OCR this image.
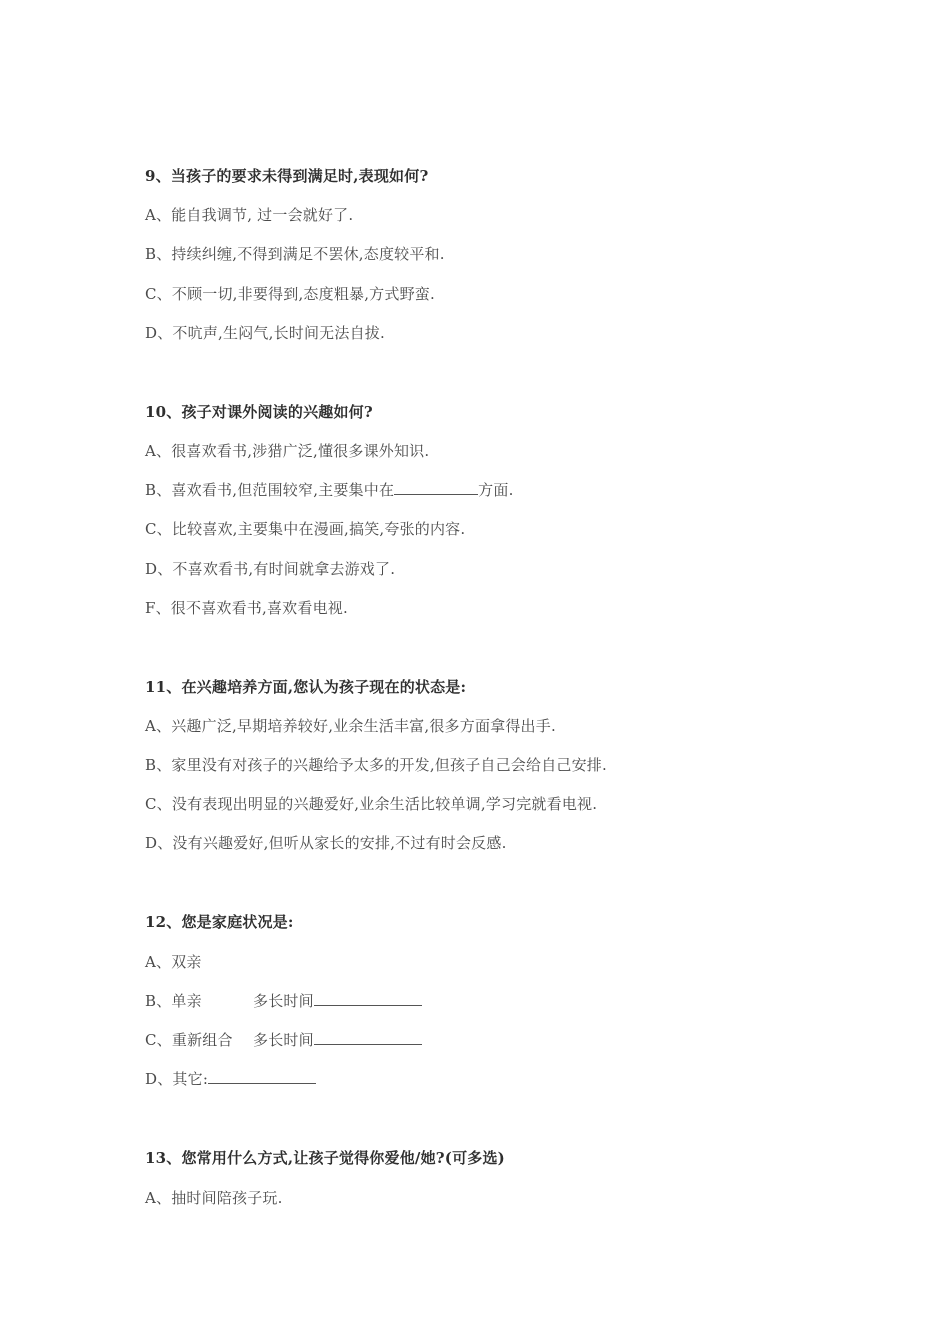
9、当孩子的要求未得到满足时,表现如何?
A、能自我调节, 过一会就好了.
B、持续纠缠,不得到满足不罢休,态度较平和.
C、不顾一切,非要得到,态度粗暴,方式野蛮.
D、不吭声,生闷气,长时间无法自拔.
10、孩子对课外阅读的兴趣如何?
A、很喜欢看书,涉猎广泛,懂很多课外知识.
B、喜欢看书,但范围较窄,主要集中在	方面.
C、比较喜欢,主要集中在漫画,搞笑,夸张的内容.
D、不喜欢看书,有时间就拿去游戏了.
F、很不喜欢看书,喜欢看电视.
11、在兴趣培养方面,您认为孩子现在的状态是:
A、兴趣广泛,早期培养较好,业余生活丰富,很多方面拿得出手.
B、家里没有对孩子的兴趣给予太多的开发,但孩子自己会给自己安排.
C、没有表现出明显的兴趣爱好,业余生活比较单调,学习完就看电视.
D、没有兴趣爱好,但听从家长的安排,不过有时会反感.
12、您是家庭状况是:
A、双亲
B、单亲	多长时间
C、重新组合 多长时间
D、其它:
13、您常用什么方式,让孩子觉得你爱他/她?(可多选)
A、抽时间陪孩子玩.
